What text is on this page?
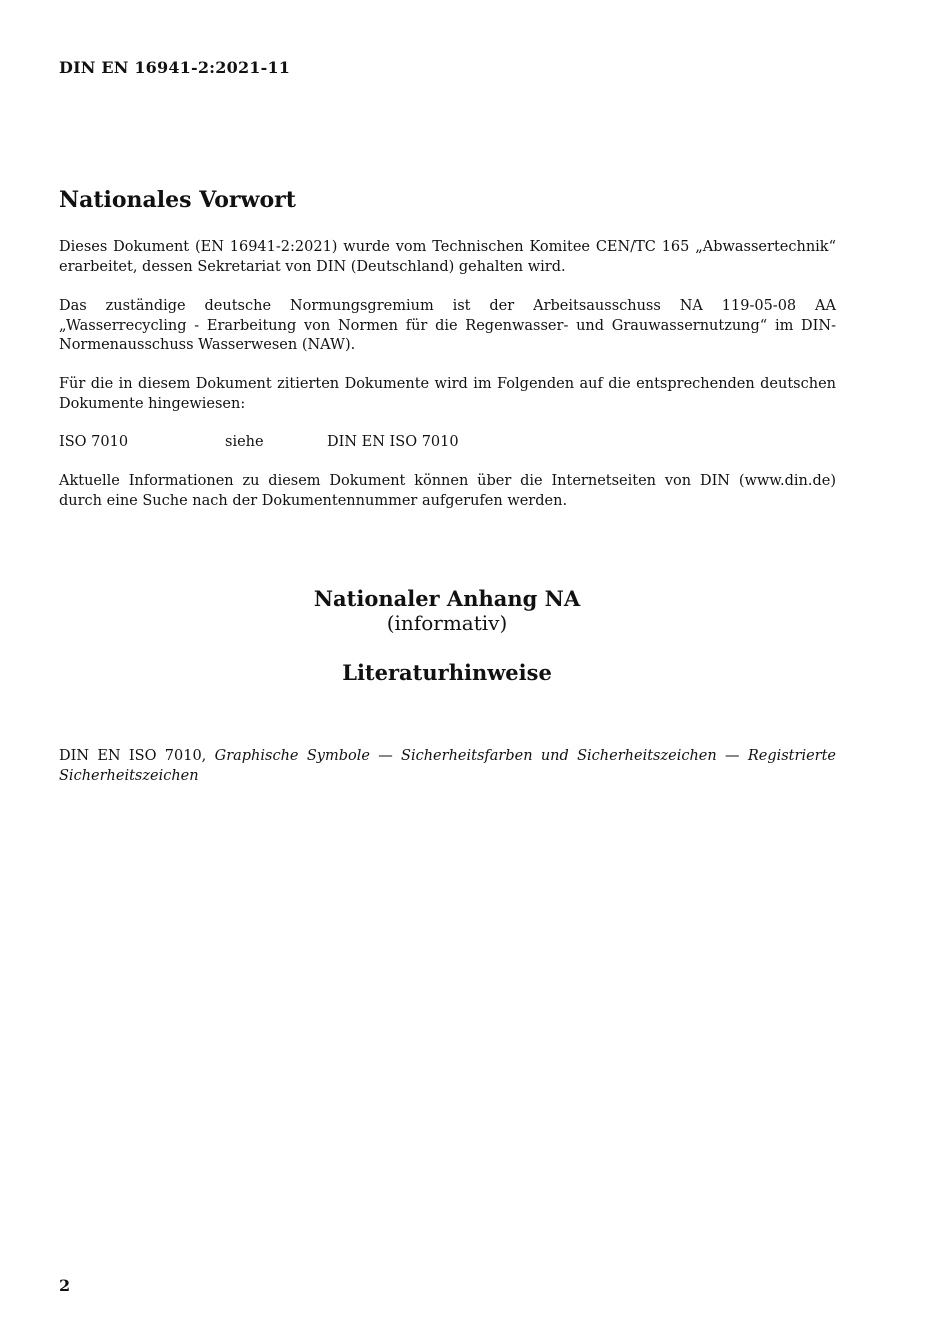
DIN EN 16941-2:2021-11
Nationales Vorwort

Dieses Dokument (EN 16941-2:2021) wurde vom Technischen Komitee CEN/TC 165 „Abwassertechnik“ erarbeitet, dessen Sekretariat von DIN (Deutschland) gehalten wird.

Das zuständige deutsche Normungsgremium ist der Arbeitsausschuss NA 119-05-08 AA „Wasserrecycling - Erarbeitung von Normen für die Regenwasser- und Grauwassernutzung“ im DIN-Normenausschuss Wasserwesen (NAW).

Für die in diesem Dokument zitierten Dokumente wird im Folgenden auf die entsprechenden deutschen Dokumente hingewiesen:

ISO 7010	siehe	DIN EN ISO 7010

Aktuelle Informationen zu diesem Dokument können über die Internetseiten von DIN (www.din.de) durch eine Suche nach der Dokumentennummer aufgerufen werden.

Nationaler Anhang NA
(informativ)
Literaturhinweise

DIN EN ISO 7010, Graphische Symbole — Sicherheitsfarben und Sicherheitszeichen — Registrierte Sicherheitszeichen

2
